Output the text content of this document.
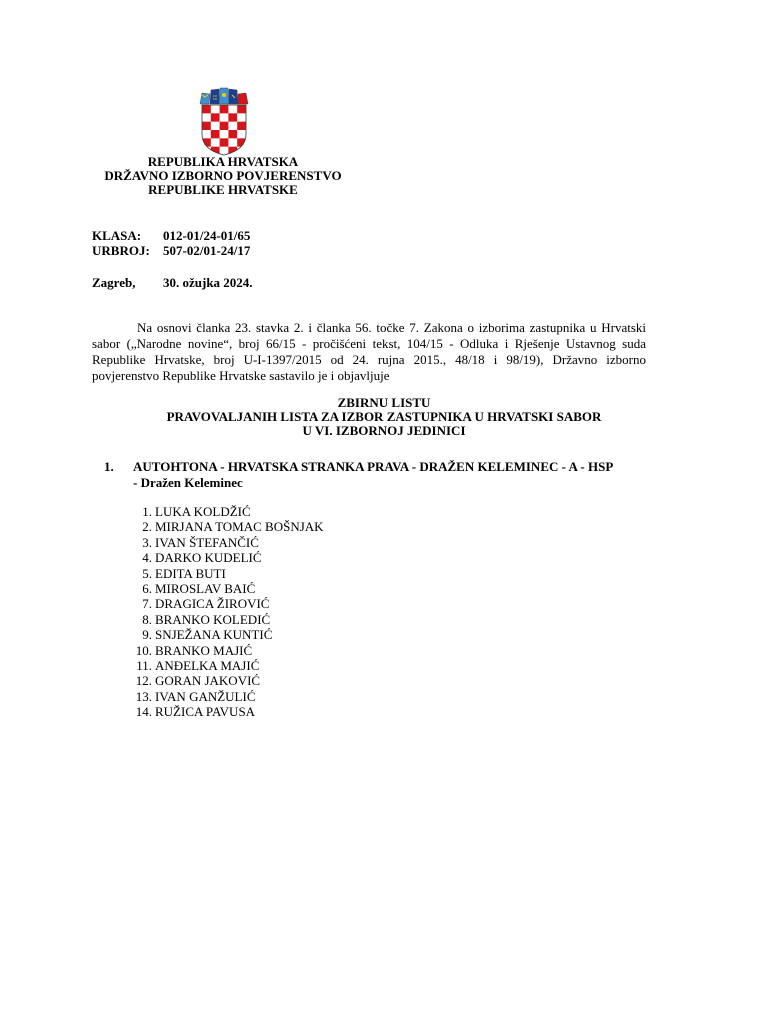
REPUBLIKA HRVATSKA
DRŽAVNO IZBORNO POVJERENSTVO
REPUBLIKE HRVATSKE
KLASA: 012-01/24-01/65
URBROJ: 507-02/01-24/17
Zagreb, 30. ožujka 2024.

Na osnovi članka 23. stavka 2. i članka 56. točke 7. Zakona o izborima zastupnika u Hrvatski sabor („Narodne novine“, broj 66/15 - pročišćeni tekst, 104/15 - Odluka i Rješenje Ustavnog suda Republike Hrvatske, broj U-I-1397/2015 od 24. rujna 2015., 48/18 i 98/19), Državno izborno povjerenstvo Republike Hrvatske sastavilo je i objavljuje

ZBIRNU LISTU
PRAVOVALJANIH LISTA ZA IZBOR ZASTUPNIKA U HRVATSKI SABOR
U VI. IZBORNOJ JEDINICI
1. AUTOHTONA - HRVATSKA STRANKA PRAVA - DRAŽEN KELEMINEC - A - HSP
- Dražen Keleminec
1. LUKA KOLDŽIĆ
2. MIRJANA TOMAC BOŠNJAK
3. IVAN ŠTEFANČIĆ
4. DARKO KUDELIĆ
5. EDITA BUTI
6. MIROSLAV BAIĆ
7. DRAGICA ŽIROVIĆ
8. BRANKO KOLEDIĆ
9. SNJEŽANA KUNTIĆ
10. BRANKO MAJIĆ
11. ANĐELKA MAJIĆ
12. GORAN JAKOVIĆ
13. IVAN GANŽULIĆ
14. RUŽICA PAVUSA
